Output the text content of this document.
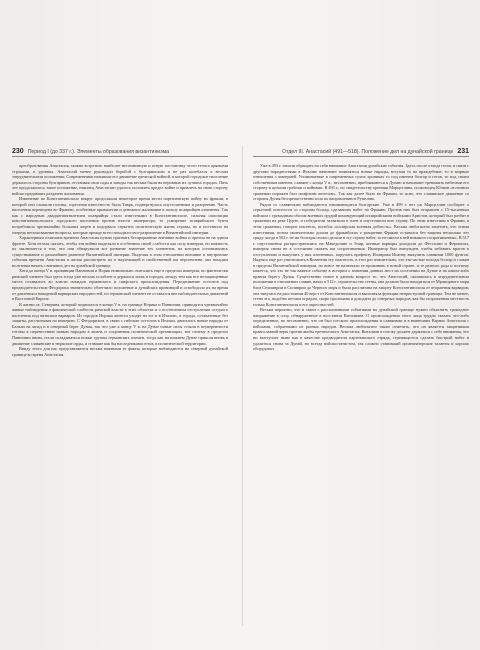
230 Период I (до 337 г.). Элементы образования византинизма

преобразования Анастасия, можно встретить наиболее несомненную и ясную постановку этого тезиса прямыми строками, в уровнях. Анастасий менее руководил борьбой с булгаринским и не раз колебался в весьма затруднительном положении. Современники называли его движение греческой войной, в которой городское население держалось стороны булгаринов, отстаивая свои сады и заводы так весьма были на неровных их лучших городах. Пять лет продолжалось такое положение, наконец Анастасию удалось положить предел войне и привлечь на свою сторону войско предавших раздачею жалования.

Изменение во Константинополе вокруг продолжали некоторое время вести партизанскую войну во фракии, в которой они сложили головы, горестная известность была Таврк, подвергнулась опустошениям и разорению. Часть населения переведена во Фракию, особенные привилегии и денежное жалование в пользу исаврийцев отменены. Так как с народным двадцатипятилетием исаврийцы стали известными в Константинополе, сильная оппозиция константинопольского городского населения против власти императора, то усмирение исаврийского бунта потребовало чрезвычайно больших жертв и подорвало серьезно политическую жизнь страны, но и поставило на очередь весьма важные вопросы, которые прежде всего находили свое разрешение в Византийской империи.

Характерным отличием времени Анастасия нужно признать беспрерывные внешние войны и притом не на одном фронте. Хотя нельзя сказать, чтобы эти войны выделяли в особенном своей слабости как силу империи, но важность их заключается в том, что они обнаружили все развитие значение тех элементов, на которых основывались существование и дальнейшее развитие Византийской империи. Выделяя в этом отношении внешние и внутренние события времени Анастасия и желая рассмотреть их в надлежащей и свойственной им перспективе, мы находим полезным начать с внешних дел на дунайской границе.

Хотя до конца V в. провинции Паннонии и Норик номинально считались еще в пределах империи, но фактически римский элемент был здесь тогда уже весьма ослаблен и держался лишь в городах, между тем как все незащищенные места оставались во власти помадов германского и скифского происхождения. Передвижение остготов под предводительством Феодориха значительно облегчило положение и дунайских провинций и освободило их на время от давления и нападений варварских народностей, но германский элемент не оставался вне наблюдательных движений в Восточной Европе.

В жизни св. Северина, который подвизался в конце V в. на границе Норика и Паннонии, приводятся чрезвычайно живые наблюдения о фактической слабости римской власти в этих областях и о постепенном отступлении оседлого населения под натиском варваров. Из городов Норика жители уходят на юг и в Италию, в города, оставленные без защиты, рассчитывая на империю. С Феодорихом, в связи с гибелью остготов в Италии, двигались новые народы от Балкан на запад и в северный берег Дуная, так что уже к концу V в. на Дунае новые силы стояли в неуверенности готовы к перенесению новым народам в жизнь и сохранения политической организации, вот почему в пределах Паннонии вновь стали складываться новые группы германских племен, тогда как на нижнем Дунае пришли вновь в движение славянские и тюркские орды, и ставшие как бы наследниками готов, в политической территории.

Ввиду этого для нас представляются весьма важными те факты, которые наблюдаются на северной дунайской границе во время Анастасия.

Отдел III. Анастасий (491—518). Положение дел на дунайской границе 231

Уже в 493 г. начали обращать на себя внимание Анастасия дунайские события. Здесь после отхода готов, в связи с другими народностями в Италию начинают появляться новые народы, вступая то во враждебные, то в мирные отношения с империей. Упоминаемые в современных сухих хрониках то под именем болгар и готов, то под своим собственным именем, славяне с конца V в., несомненно, приближаются к Дунаю и начинают тревожить набегами его сторону и целыми грабежи и войнами. В 493 г., по свидетельству хроники Марцеллина, полководец Юлиан «в ночном сражении поражен был скифским железом». Так как далее было во Фракии, то ясно, что славянское движение со стороны Дуная беспрепятственно шло по направлению в Румелию.

Рядом со славянским наблюдаются начинающиеся болгарские. Уже в 499 г. нет уж Марцеллин сообщает о серьезной опасности со стороны болгар, сделавших набег на Фракию. Против них был отправлен с 15-тысячным войском с громадным обозом военных орудий командующий иллирийскими войсками Аристон, который был разбит в сражении на реке Цурте, и победители захватили в плен и опустошили всю страну. По этим известиям в Фракии, в этом сражении, говорит писатель, погибла «иллирская военная доблесть». Весьма любопытно заметить, что этими известиями, потом окончательно дошли до фракийских о разорении Фракии оставался без защиты несколько лет сряду: когда в 502 г. не же болгары снова сделали в эту страну набег, то не имели в ней никакого сопротивления». В 517 г. опустошения распространились на Македонию и Эпир, конные варвары доходили до Фессалии и Фермопил, империя снова не в состоянии оказать им сопротивления. Император был вынужден, чтобы избавить врагов к отступлению и выкупить у них плененных, поручить префекту Иллирика Иоанну выкупить славянам 1000 фунтов. Надеясь еще раз уничтожить в Византии эту опасность, в этот раз значительно, что эти частые походы болгар и славян в пределы Византийской империи, но вовсе не назначали ее проживать в новой стране, и те разного рода и поэтому кажется, что это не так важное событие в истории о значении данных мест их поселении на Дунае и на каком-либо правом берегу Дуная. Существенно новое в данном вопросе то, что Анастасий, оказавшись в затруднительном положении в отношении славян, начал в 512 г. строительство стены, она должна была находиться от Мраморного моря близ Селимврии и Силиврии до Черного моря и была рассчитана на защиту Константинополя от вторжения варваров; она тянулась на расстоянии 40 верст от Константинополя и выполняла функции неприступной границы. Тем не менее, стена эта, подобно ветхим оградам, скоро проломана и доходила до северных народов, как бы огороженная местность только Константинополя и его окрестностей.

Весьма вероятно, что в связи с рассказанными событиями на дунайской границе нужно объяснить громадное напряжение в силу, обнаруженное в восстании Виталиана. О происхождении этого лица трудно сказать что-либо определенное, но несомненно, что он был готского происхождения и славянами и в нынешних Варнах Анастасия с войсками, собранными из разных народов. Весьма любопытно также отметить, что он является защитником православной веры против якобы еретического Анастасия. Виталиан в потоку должен держаться с себе внимания, что ни выступает ныне как в качестве предводителя партизанского отряда, стремящегося сделать быстрый набег и удалиться снова за Дунай, но всегда войскостатистом, так сложно ставивший организаторские таланты и хорошо оборудовал.
